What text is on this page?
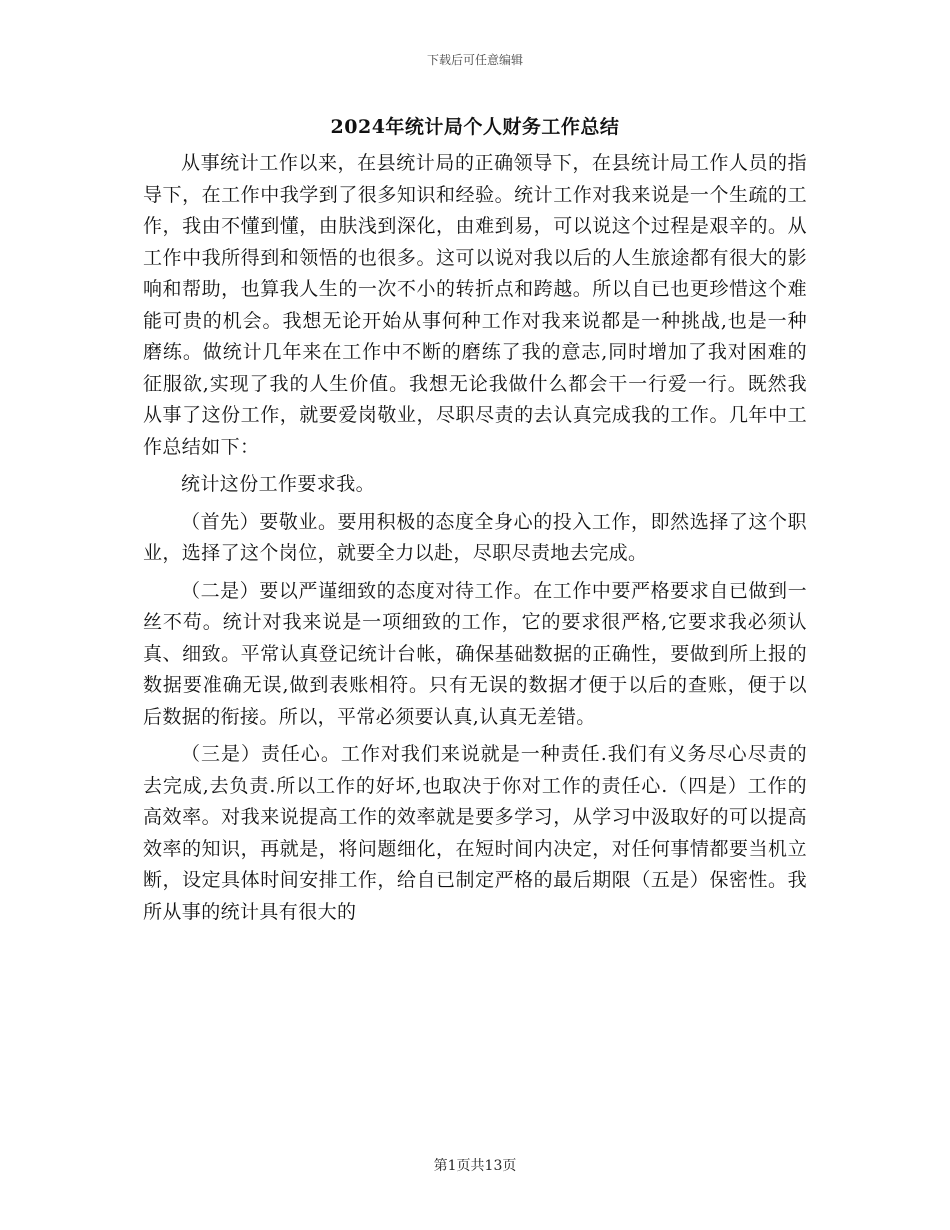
下载后可任意编辑
2024年统计局个人财务工作总结

从事统计工作以来，在县统计局的正确领导下，在县统计局工作人员的指导下，在工作中我学到了很多知识和经验。统计工作对我来说是一个生疏的工作，我由不懂到懂，由肤浅到深化，由难到易，可以说这个过程是艰辛的。从工作中我所得到和领悟的也很多。这可以说对我以后的人生旅途都有很大的影响和帮助，也算我人生的一次不小的转折点和跨越。所以自已也更珍惜这个难能可贵的机会。我想无论开始从事何种工作对我来说都是一种挑战,也是一种磨练。做统计几年来在工作中不断的磨练了我的意志,同时增加了我对困难的征服欲,实现了我的人生价值。我想无论我做什么都会干一行爱一行。既然我从事了这份工作，就要爱岗敬业，尽职尽责的去认真完成我的工作。几年中工作总结如下：

统计这份工作要求我。

（首先）要敬业。要用积极的态度全身心的投入工作，即然选择了这个职业，选择了这个岗位，就要全力以赴，尽职尽责地去完成。

（二是）要以严谨细致的态度对待工作。在工作中要严格要求自已做到一丝不苟。统计对我来说是一项细致的工作，它的要求很严格,它要求我必须认真、细致。平常认真登记统计台帐，确保基础数据的正确性，要做到所上报的数据要准确无误,做到表账相符。只有无误的数据才便于以后的查账，便于以后数据的衔接。所以，平常必须要认真,认真无差错。

（三是）责任心。工作对我们来说就是一种责任.我们有义务尽心尽责的去完成,去负责.所以工作的好坏,也取决于你对工作的责任心.（四是）工作的高效率。对我来说提高工作的效率就是要多学习，从学习中汲取好的可以提高效率的知识，再就是，将问题细化，在短时间内决定，对任何事情都要当机立断，设定具体时间安排工作，给自已制定严格的最后期限（五是）保密性。我所从事的统计具有很大的

第1页共13页
